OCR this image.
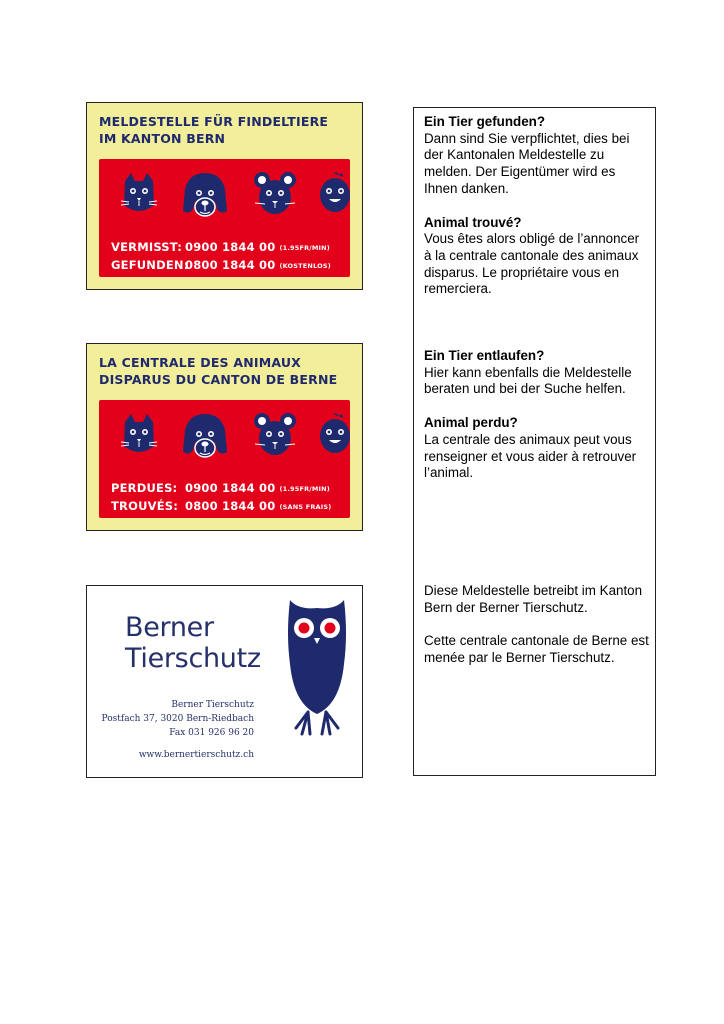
MELDESTELLE FÜR FINDELTIERE
IM KANTON BERN
VERMISST: 0900 1844 00 (1.95FR/MIN)
GEFUNDEN:0800 1844 00 (KOSTENLOS)
LA CENTRALE DES ANIMAUX
DISPARUS DU CANTON DE BERNE
PERDUES: 0900 1844 00 (1.95FR/MIN)
TROUVÉS: 0800 1844 00 (SANS FRAIS)
Berner
Tierschutz
Berner Tierschutz
Postfach 37, 3020 Bern-Riedbach
Fax 031 926 96 20
www.bernertierschutz.ch

Ein Tier gefunden?

Dann sind Sie verpflichtet, dies bei der Kantonalen Meldestelle zu melden. Der Eigentümer wird es Ihnen danken.

Animal trouvé?

Vous êtes alors obligé de l’annoncer à la centrale cantonale des animaux disparus. Le propriétaire vous en remerciera.

Ein Tier entlaufen?

Hier kann ebenfalls die Meldestelle beraten und bei der Suche helfen.

Animal perdu?

La centrale des animaux peut vous renseigner et vous aider à retrouver l’animal.

Diese Meldestelle betreibt im Kanton Bern der Berner Tierschutz.

Cette centrale cantonale de Berne est menée par le Berner Tierschutz.
